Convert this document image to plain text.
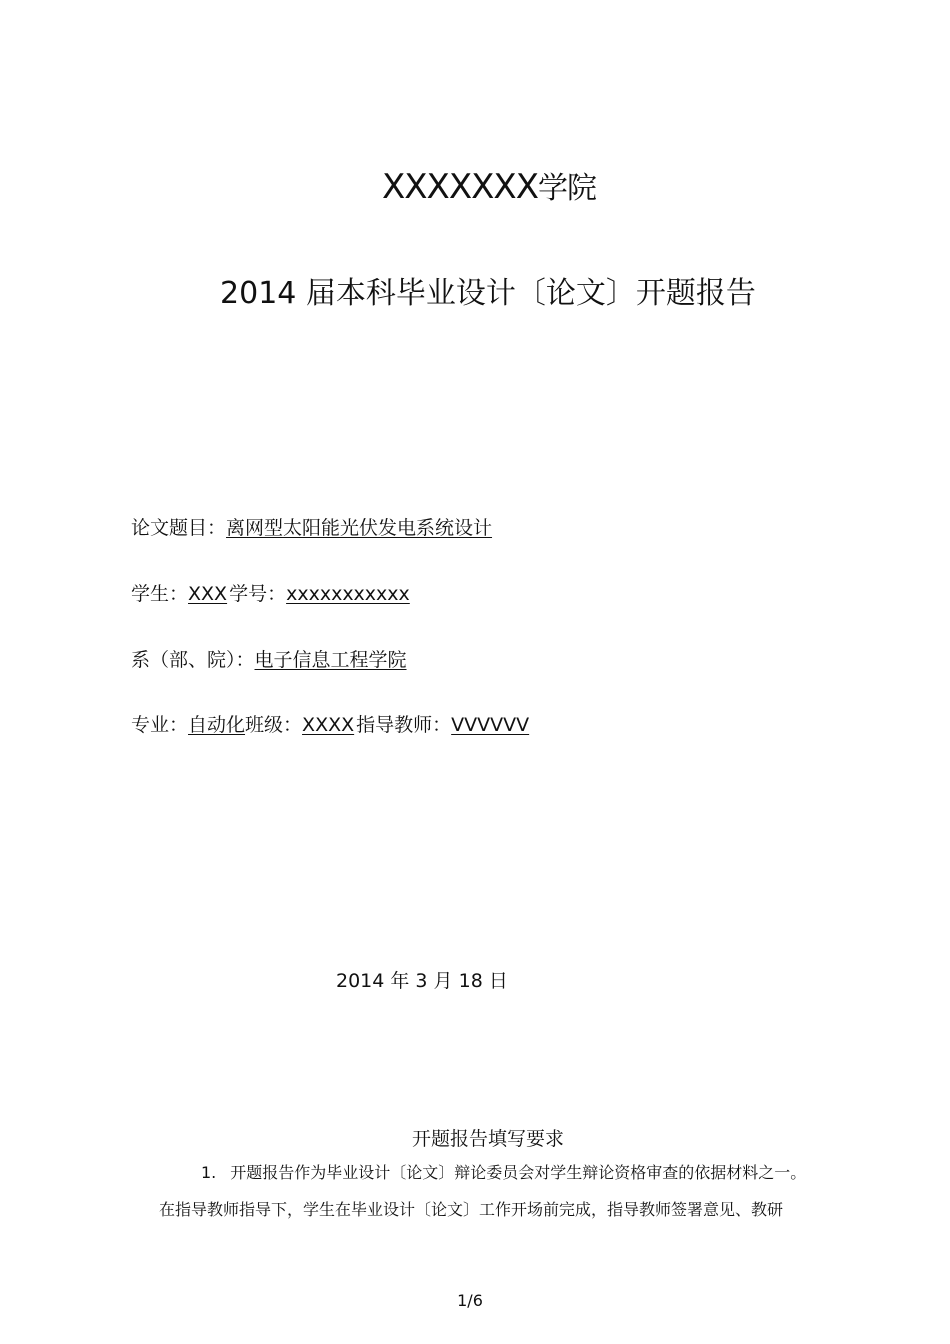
XXXXXXX学院
2014 届本科毕业设计〔论文〕开题报告
论文题目：离网型太阳能光伏发电系统设计
学生：XXX 学号：xxxxxxxxxxx
系（部、院）：电子信息工程学院
专业：自动化班级：XXXX 指导教师：VVVVVV
2014 年 3 月 18 日
开题报告填写要求
1. 开题报告作为毕业设计〔论文〕辩论委员会对学生辩论资格审查的依据材料之一。
在指导教师指导下，学生在毕业设计〔论文〕工作开场前完成，指导教师签署意见、教研
1/6
